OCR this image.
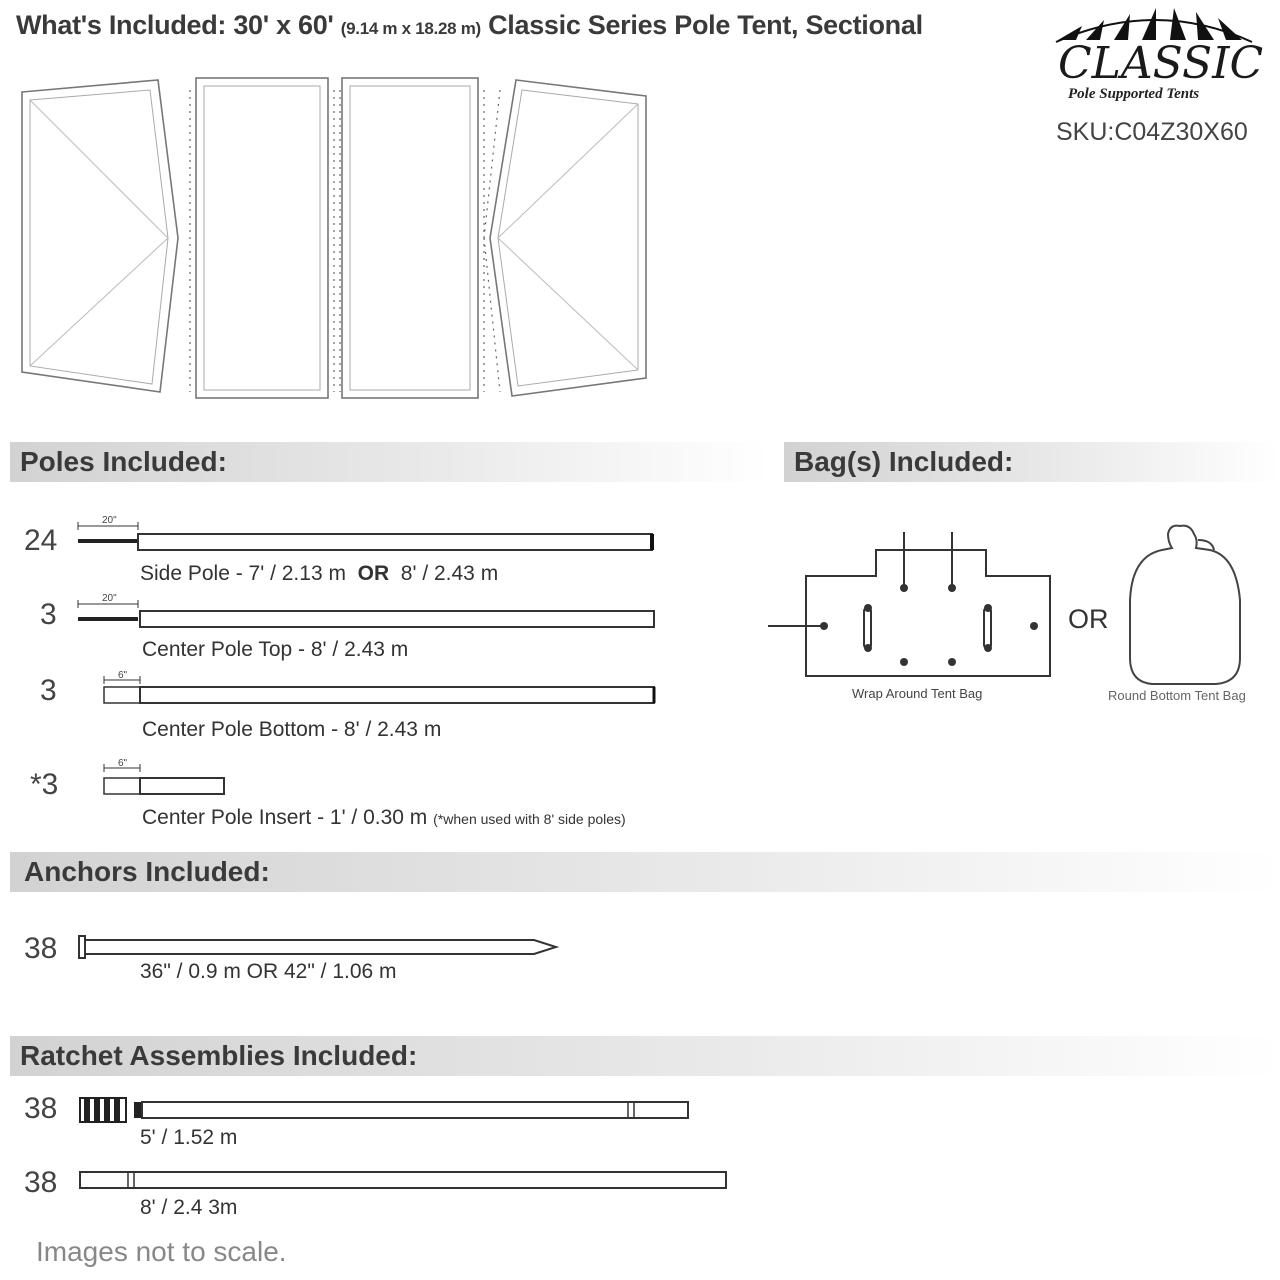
What's Included: 30' x 60' (9.14 m x 18.28 m) Classic Series Pole Tent, Sectional
CLASSIC
Pole Supported Tents
SKU:C04Z30X60
Poles Included:	Bag(s) Included:
24
20"
Side Pole - 7' / 2.13 m OR 8' / 2.43 m
3	20"
Center Pole Top - 8' / 2.43 m
3	6"
Center Pole Bottom - 8' / 2.43 m
*3
6"
Center Pole Insert - 1' / 0.30 m (*when used with 8' side poles)
Wrap Around Tent Bag
OR
Round Bottom Tent Bag
Anchors Included:
38
36" / 0.9 m OR 42" / 1.06 m
Ratchet Assemblies Included:
38
5' / 1.52 m
38
8' / 2.4 3m
Images not to scale.
